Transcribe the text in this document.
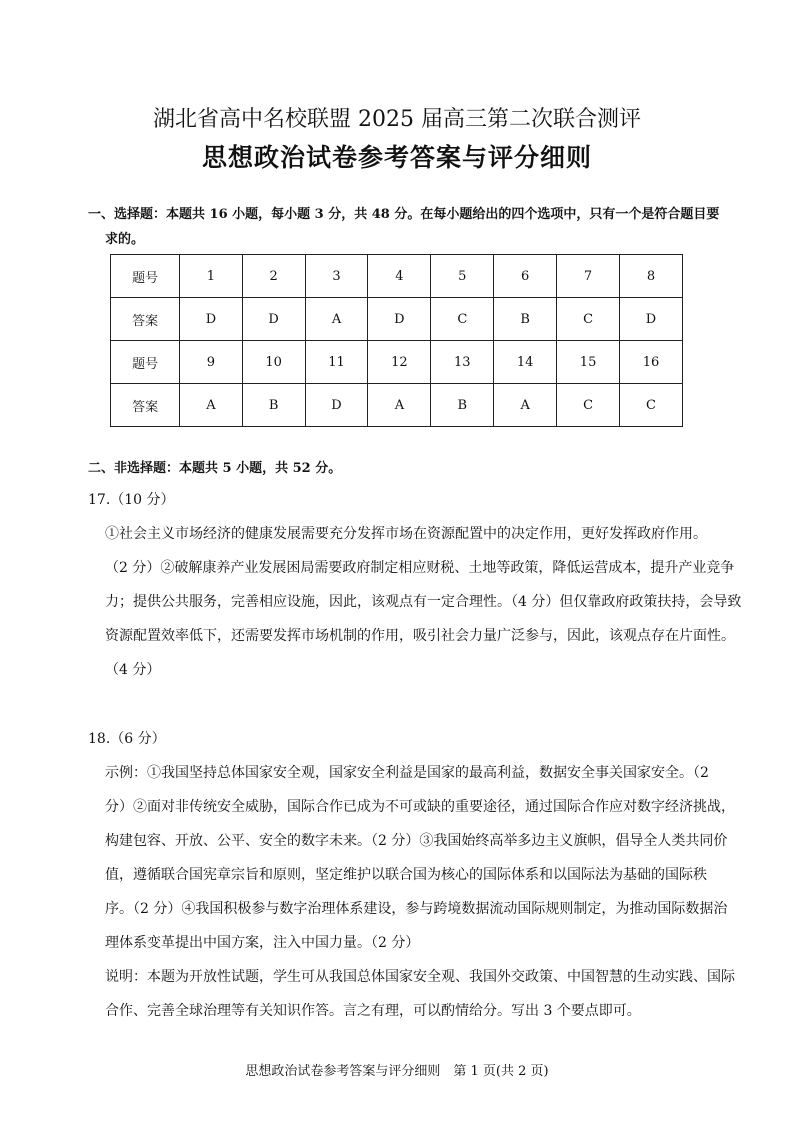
湖北省高中名校联盟 2025 届高三第二次联合测评
思想政治试卷参考答案与评分细则
一、选择题：本题共 16 小题，每小题 3 分，共 48 分。在每小题给出的四个选项中，只有一个是符合题目要
求的。
题号	1	2	3	4	5	6	7	8
答案	D	D	A	D	C	B	C	D
题号	9	10	11	12	13	14	15	16
答案	A	B	D	A	B	A	C	C
二、非选择题：本题共 5 小题，共 52 分。
17.（10 分）
①社会主义市场经济的健康发展需要充分发挥市场在资源配置中的决定作用，更好发挥政府作用。
（2 分）②破解康养产业发展困局需要政府制定相应财税、土地等政策，降低运营成本，提升产业竞争
力；提供公共服务，完善相应设施，因此，该观点有一定合理性。（4 分）但仅靠政府政策扶持，会导致
资源配置效率低下，还需要发挥市场机制的作用，吸引社会力量广泛参与，因此，该观点存在片面性。
（4 分）
18.（6 分）
示例：①我国坚持总体国家安全观，国家安全利益是国家的最高利益，数据安全事关国家安全。（2
分）②面对非传统安全威胁，国际合作已成为不可或缺的重要途径，通过国际合作应对数字经济挑战，
构建包容、开放、公平、安全的数字未来。（2 分）③我国始终高举多边主义旗帜，倡导全人类共同价
值，遵循联合国宪章宗旨和原则，坚定维护以联合国为核心的国际体系和以国际法为基础的国际秩
序。（2 分）④我国积极参与数字治理体系建设，参与跨境数据流动国际规则制定，为推动国际数据治
理体系变革提出中国方案，注入中国力量。（2 分）
说明：本题为开放性试题，学生可从我国总体国家安全观、我国外交政策、中国智慧的生动实践、国际
合作、完善全球治理等有关知识作答。言之有理，可以酌情给分。写出 3 个要点即可。
思想政治试卷参考答案与评分细则　第 1 页(共 2 页)
